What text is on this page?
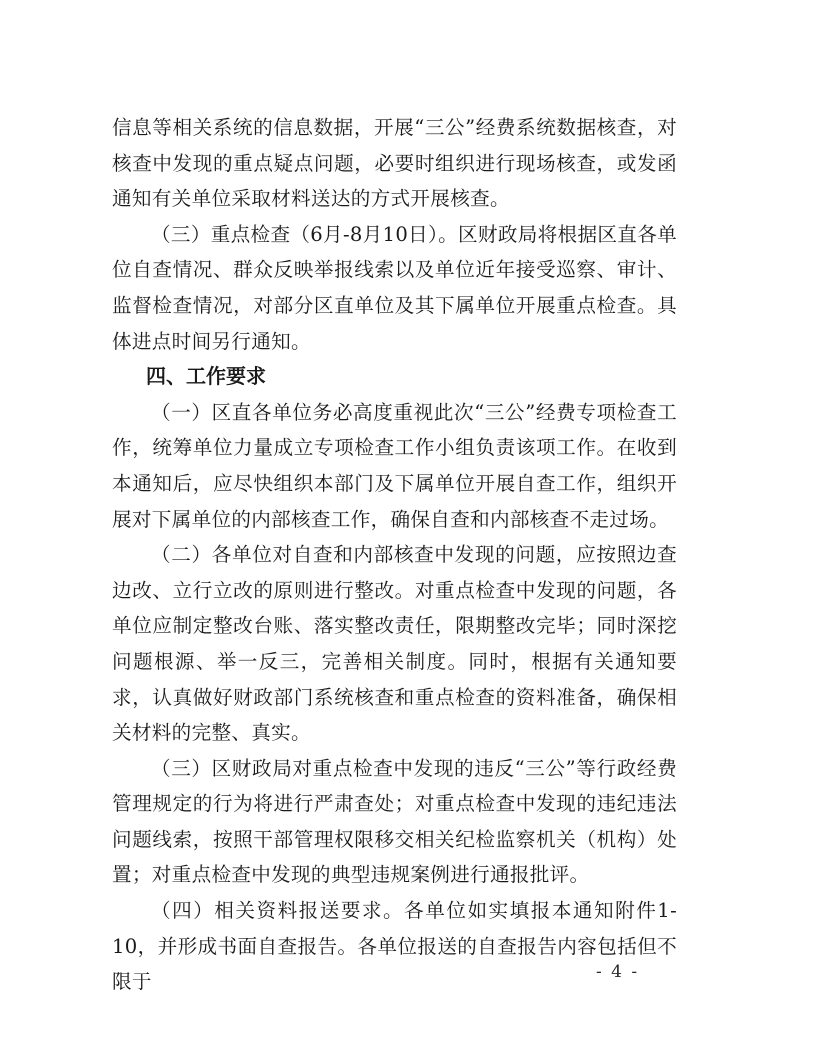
信息等相关系统的信息数据，开展“三公”经费系统数据核查，对核查中发现的重点疑点问题，必要时组织进行现场核查，或发函通知有关单位采取材料送达的方式开展核查。

（三）重点检查（6月-8月10日）。区财政局将根据区直各单位自查情况、群众反映举报线索以及单位近年接受巡察、审计、监督检查情况，对部分区直单位及其下属单位开展重点检查。具体进点时间另行通知。

四、工作要求

（一）区直各单位务必高度重视此次“三公”经费专项检查工作，统筹单位力量成立专项检查工作小组负责该项工作。在收到本通知后，应尽快组织本部门及下属单位开展自查工作，组织开展对下属单位的内部核查工作，确保自查和内部核查不走过场。

（二）各单位对自查和内部核查中发现的问题，应按照边查边改、立行立改的原则进行整改。对重点检查中发现的问题，各单位应制定整改台账、落实整改责任，限期整改完毕；同时深挖问题根源、举一反三，完善相关制度。同时，根据有关通知要求，认真做好财政部门系统核查和重点检查的资料准备，确保相关材料的完整、真实。

（三）区财政局对重点检查中发现的违反“三公”等行政经费管理规定的行为将进行严肃查处；对重点检查中发现的违纪违法问题线索，按照干部管理权限移交相关纪检监察机关（机构）处置；对重点检查中发现的典型违规案例进行通报批评。

（四）相关资料报送要求。各单位如实填报本通知附件1-10，并形成书面自查报告。各单位报送的自查报告内容包括但不限于	- 4 -
